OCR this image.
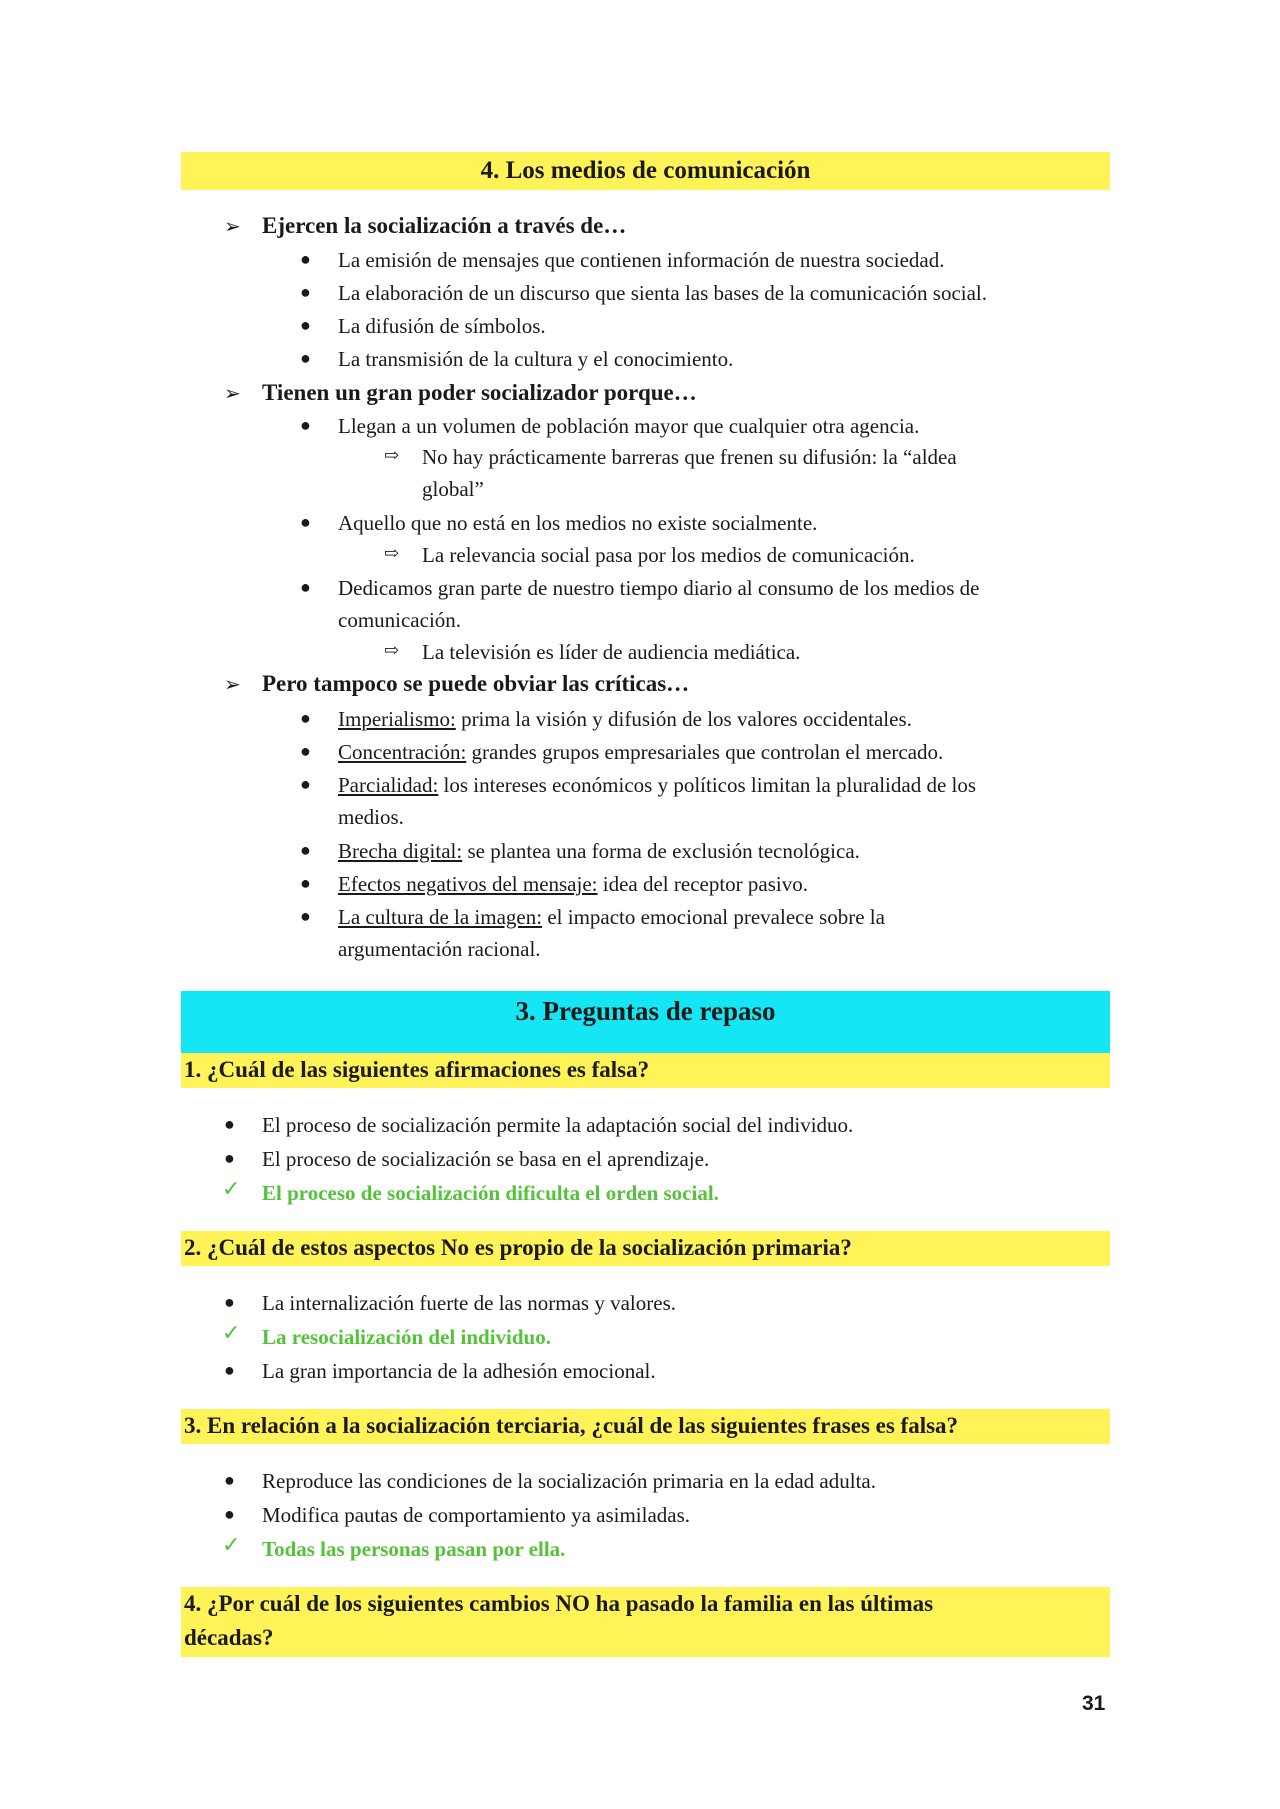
4. Los medios de comunicación
➢ Ejercen la socialización a través de…
● La emisión de mensajes que contienen información de nuestra sociedad.
● La elaboración de un discurso que sienta las bases de la comunicación social.
● La difusión de símbolos.
● La transmisión de la cultura y el conocimiento.
➢ Tienen un gran poder socializador porque…
● Llegan a un volumen de población mayor que cualquier otra agencia.
⇨ No hay prácticamente barreras que frenen su difusión: la “aldea
global”
● Aquello que no está en los medios no existe socialmente.
⇨ La relevancia social pasa por los medios de comunicación.
● Dedicamos gran parte de nuestro tiempo diario al consumo de los medios de
comunicación.
⇨ La televisión es líder de audiencia mediática.
➢ Pero tampoco se puede obviar las críticas…
● Imperialismo: prima la visión y difusión de los valores occidentales.
● Concentración: grandes grupos empresariales que controlan el mercado.
● Parcialidad: los intereses económicos y políticos limitan la pluralidad de los
medios.
● Brecha digital: se plantea una forma de exclusión tecnológica.
● Efectos negativos del mensaje: idea del receptor pasivo.
● La cultura de la imagen: el impacto emocional prevalece sobre la
argumentación racional.
3. Preguntas de repaso
1. ¿Cuál de las siguientes afirmaciones es falsa?
● El proceso de socialización permite la adaptación social del individuo.
● El proceso de socialización se basa en el aprendizaje.
✓ El proceso de socialización dificulta el orden social.
2. ¿Cuál de estos aspectos No es propio de la socialización primaria?
● La internalización fuerte de las normas y valores.
✓ La resocialización del individuo.
● La gran importancia de la adhesión emocional.
3. En relación a la socialización terciaria, ¿cuál de las siguientes frases es falsa?
● Reproduce las condiciones de la socialización primaria en la edad adulta.
● Modifica pautas de comportamiento ya asimiladas.
✓ Todas las personas pasan por ella.
4. ¿Por cuál de los siguientes cambios NO ha pasado la familia en las últimas
décadas?
31
